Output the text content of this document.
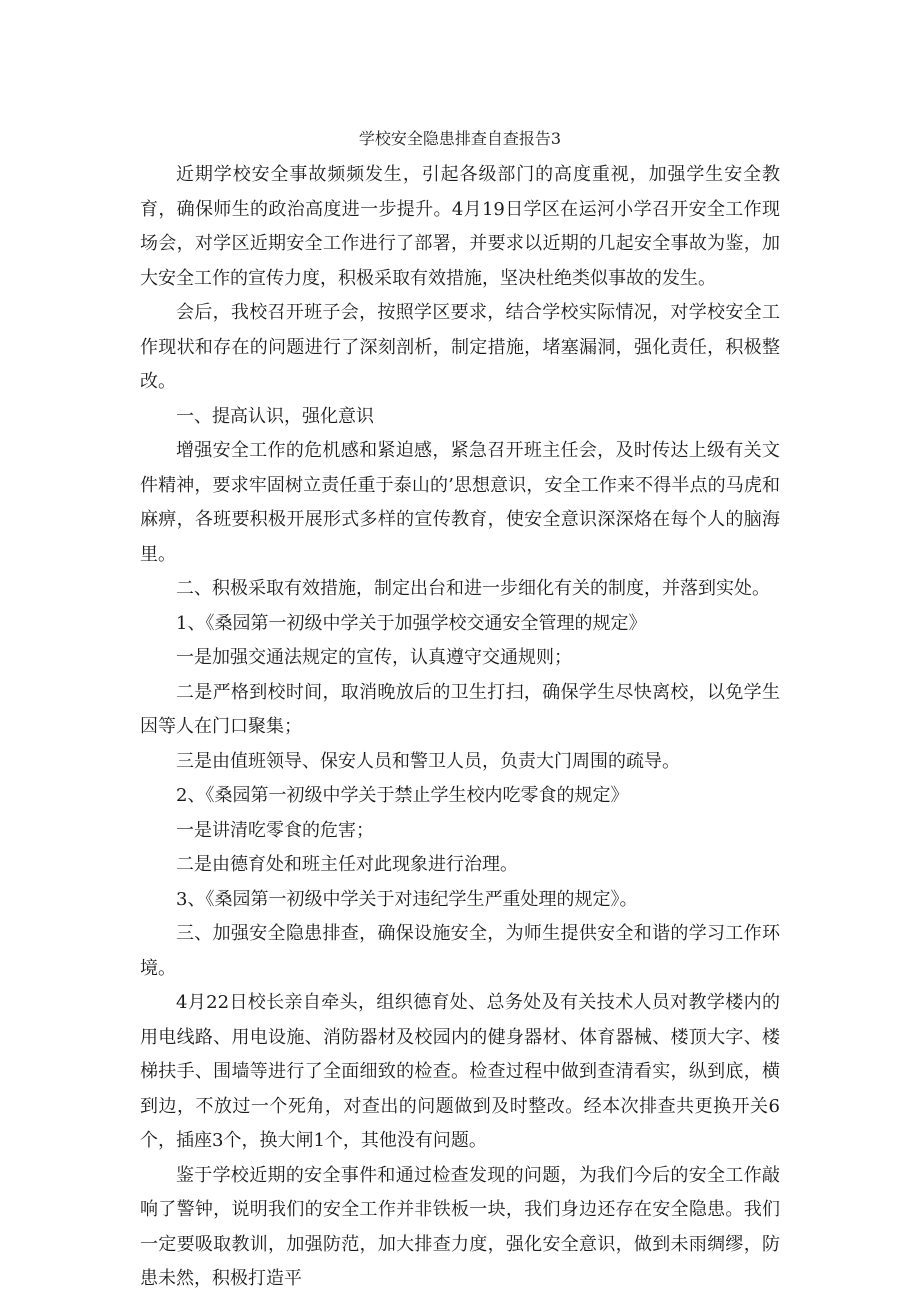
学校安全隐患排查自查报告3

近期学校安全事故频频发生，引起各级部门的高度重视，加强学生安全教育，确保师生的政治高度进一步提升。4月19日学区在运河小学召开安全工作现场会，对学区近期安全工作进行了部署，并要求以近期的几起安全事故为鉴，加大安全工作的宣传力度，积极采取有效措施，坚决杜绝类似事故的发生。

会后，我校召开班子会，按照学区要求，结合学校实际情况，对学校安全工作现状和存在的问题进行了深刻剖析，制定措施，堵塞漏洞，强化责任，积极整改。

一、提高认识，强化意识

增强安全工作的危机感和紧迫感，紧急召开班主任会，及时传达上级有关文件精神，要求牢固树立责任重于泰山的’思想意识，安全工作来不得半点的马虎和麻痹，各班要积极开展形式多样的宣传教育，使安全意识深深烙在每个人的脑海里。

二、积极采取有效措施，制定出台和进一步细化有关的制度，并落到实处。

1、《桑园第一初级中学关于加强学校交通安全管理的规定》

一是加强交通法规定的宣传，认真遵守交通规则；

二是严格到校时间，取消晚放后的卫生打扫，确保学生尽快离校，以免学生因等人在门口聚集；

三是由值班领导、保安人员和警卫人员，负责大门周围的疏导。

2、《桑园第一初级中学关于禁止学生校内吃零食的规定》

一是讲清吃零食的危害；

二是由德育处和班主任对此现象进行治理。

3、《桑园第一初级中学关于对违纪学生严重处理的规定》。

三、加强安全隐患排查，确保设施安全，为师生提供安全和谐的学习工作环境。

4月22日校长亲自牵头，组织德育处、总务处及有关技术人员对教学楼内的用电线路、用电设施、消防器材及校园内的健身器材、体育器械、楼顶大字、楼梯扶手、围墙等进行了全面细致的检查。检查过程中做到查清看实，纵到底，横到边，不放过一个死角，对查出的问题做到及时整改。经本次排查共更换开关6个，插座3个，换大闸1个，其他没有问题。

鉴于学校近期的安全事件和通过检查发现的问题，为我们今后的安全工作敲响了警钟，说明我们的安全工作并非铁板一块，我们身边还存在安全隐患。我们一定要吸取教训，加强防范，加大排查力度，强化安全意识，做到未雨绸缪，防患未然，积极打造平
